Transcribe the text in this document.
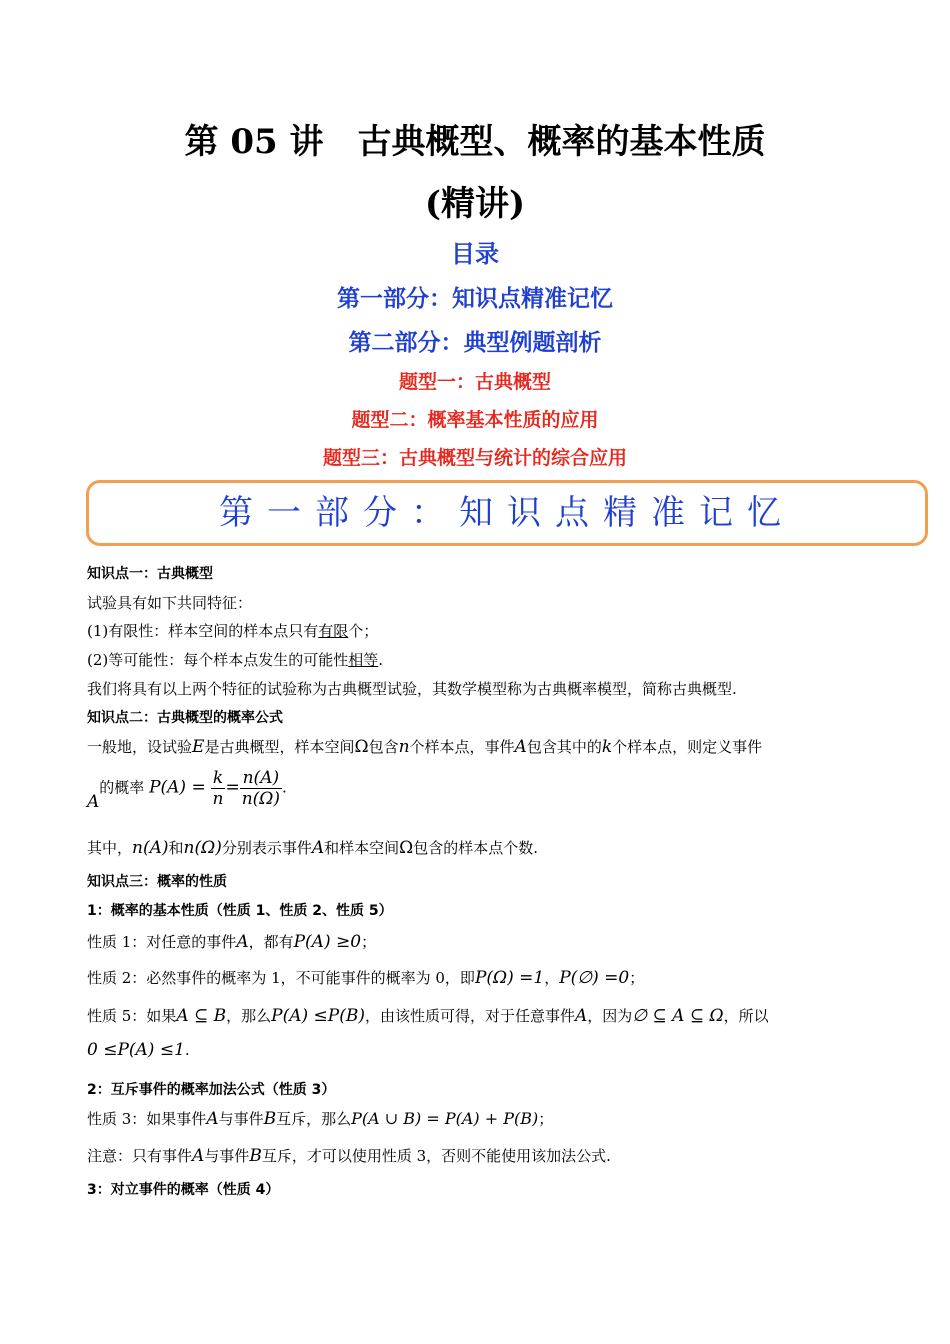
第 05 讲　古典概型、概率的基本性质
(精讲)
目录
第一部分：知识点精准记忆
第二部分：典型例题剖析
题型一：古典概型
题型二：概率基本性质的应用
题型三：古典概型与统计的综合应用
第一部分：知识点精准记忆
知识点一：古典概型
试验具有如下共同特征：
(1)有限性：样本空间的样本点只有有限个；
(2)等可能性：每个样本点发生的可能性相等.
我们将具有以上两个特征的试验称为古典概型试验，其数学模型称为古典概率模型，简称古典概型.
知识点二：古典概型的概率公式
一般地，设试验E是古典概型，样本空间Ω包含n个样本点，事件A包含其中的k个样本点，则定义事件
A的概率 $P(A) = \frac{k}{n} = \frac{n(A)}{n(\Omega)}$ .
其中，n(A)和n(Ω)分别表示事件A和样本空间Ω包含的样本点个数.
知识点三：概率的性质
1：概率的基本性质（性质 1、性质 2、性质 5）
性质 1：对任意的事件A，都有P(A) ≥0；
性质 2：必然事件的概率为 1，不可能事件的概率为 0，即P(Ω) =1，P(∅) =0；
性质 5：如果A ⊆ B，那么P(A) ≤P(B)，由该性质可得，对于任意事件A，因为∅ ⊆ A ⊆ Ω，所以
0 ≤P(A) ≤1.
2：互斥事件的概率加法公式（性质 3）
性质 3：如果事件A与事件B互斥，那么P(A ∪ B) = P(A) + P(B)；
注意：只有事件A与事件B互斥，才可以使用性质 3，否则不能使用该加法公式.
3：对立事件的概率（性质 4）
